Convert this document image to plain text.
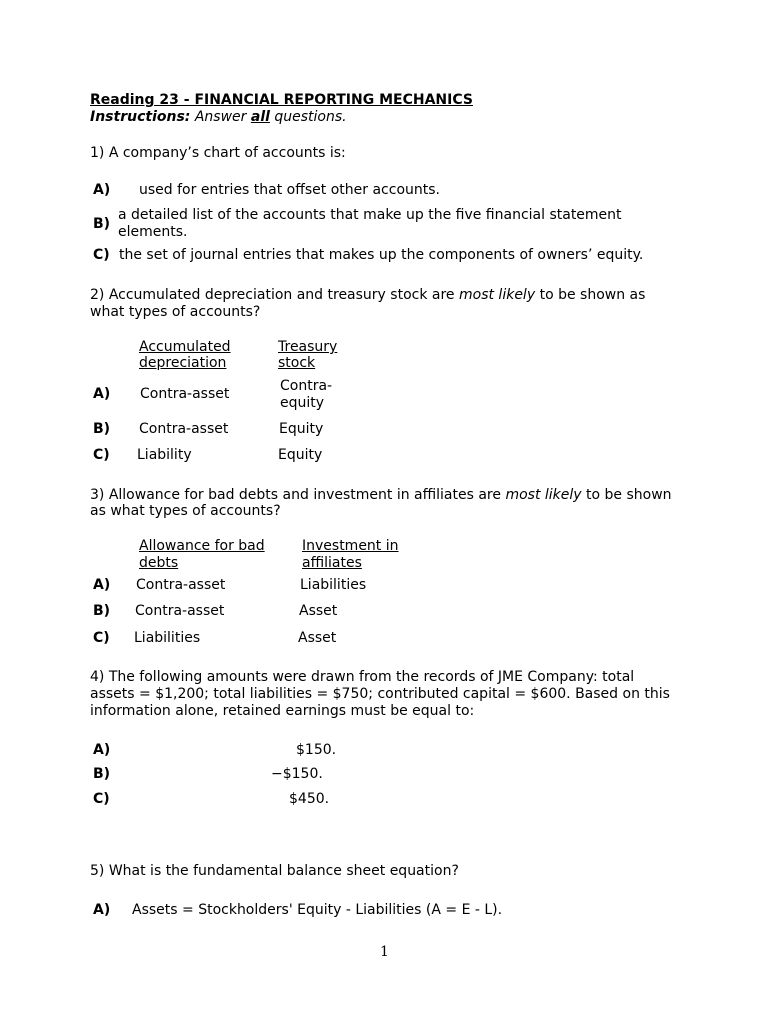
Reading 23 - FINANCIAL REPORTING MECHANICS
Instructions: Answer all questions.
1) A company’s chart of accounts is:
A) used for entries that offset other accounts.
B)
a detailed list of the accounts that make up the five financial statement
elements.
C) the set of journal entries that makes up the components of owners’ equity.
2) Accumulated depreciation and treasury stock are most likely to be shown as
what types of accounts?
Accumulated
depreciation
Treasury
stock
A) Contra-asset	Contra-
equity
B) Contra-asset	Equity
C) Liability	Equity
3) Allowance for bad debts and investment in affiliates are most likely to be shown
as what types of accounts?
Allowance for bad
debts
Investment in
affiliates
A) Contra-asset	Liabilities
B) Contra-asset	Asset
C) Liabilities	Asset
4) The following amounts were drawn from the records of JME Company: total
assets = $1,200; total liabilities = $750; contributed capital = $600. Based on this
information alone, retained earnings must be equal to:
A)	$150.
B)	−$150.
C)	$450.
5) What is the fundamental balance sheet equation?
A) Assets = Stockholders' Equity - Liabilities (A = E - L).
1
